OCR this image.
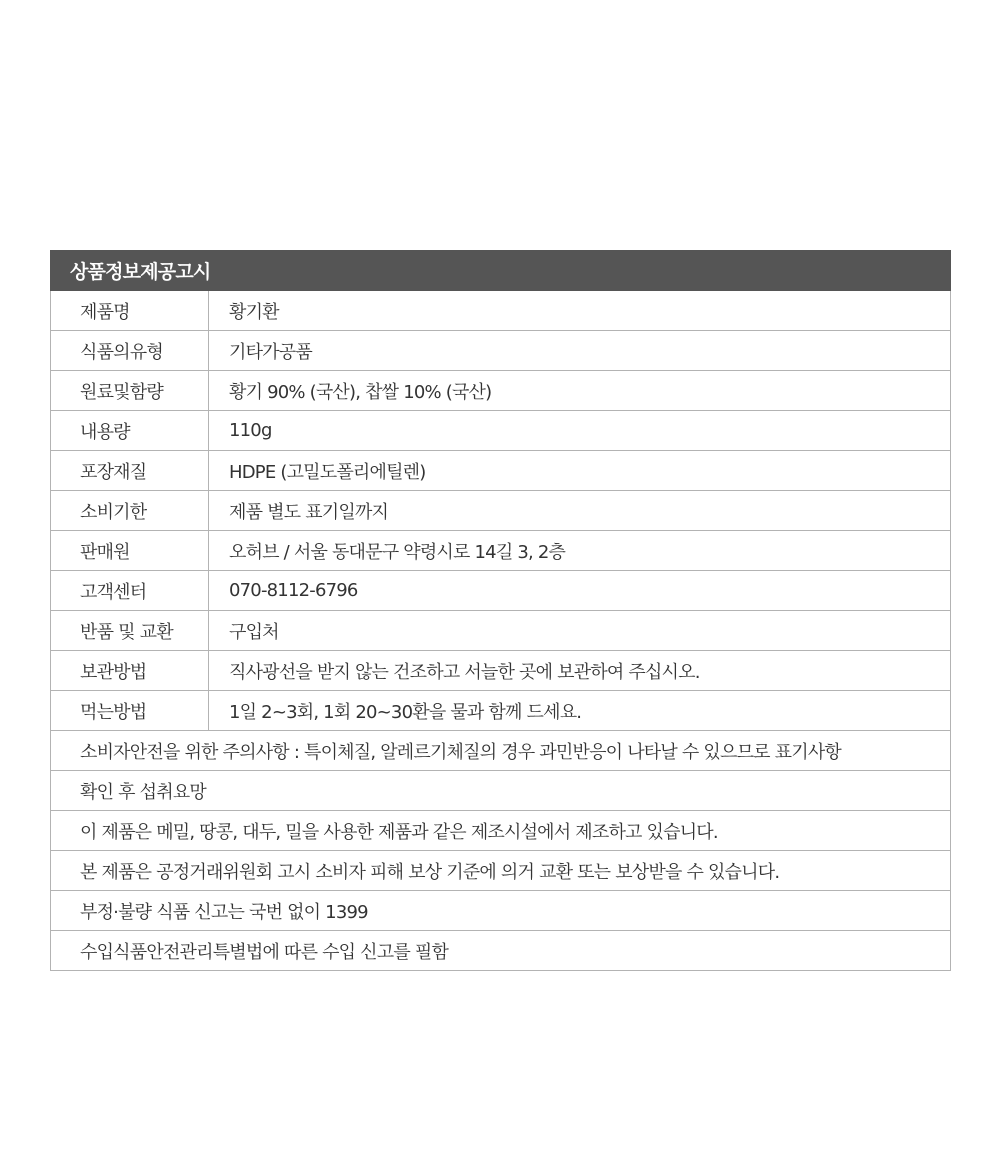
상품정보제공고시	
제품명	황기환
식품의유형	기타가공품
원료및함량	황기 90% (국산), 찹쌀 10% (국산)
내용량	110g
포장재질	HDPE (고밀도폴리에틸렌)
소비기한	제품 별도 표기일까지
판매원	오허브 / 서울 동대문구 약령시로 14길 3, 2층
고객센터	070-8112-6796
반품 및 교환	구입처
보관방법	직사광선을 받지 않는 건조하고 서늘한 곳에 보관하여 주십시오.
먹는방법	1일 2~3회, 1회 20~30환을 물과 함께 드세요.
소비자안전을 위한 주의사항 : 특이체질, 알레르기체질의 경우 과민반응이 나타날 수 있으므로 표기사항	
확인 후 섭취요망	
이 제품은 메밀, 땅콩, 대두, 밀을 사용한 제품과 같은 제조시설에서 제조하고 있습니다.	
본 제품은 공정거래위원회 고시 소비자 피해 보상 기준에 의거 교환 또는 보상받을 수 있습니다.	
부정·불량 식품 신고는 국번 없이 1399	
수입식품안전관리특별법에 따른 수입 신고를 필함	
